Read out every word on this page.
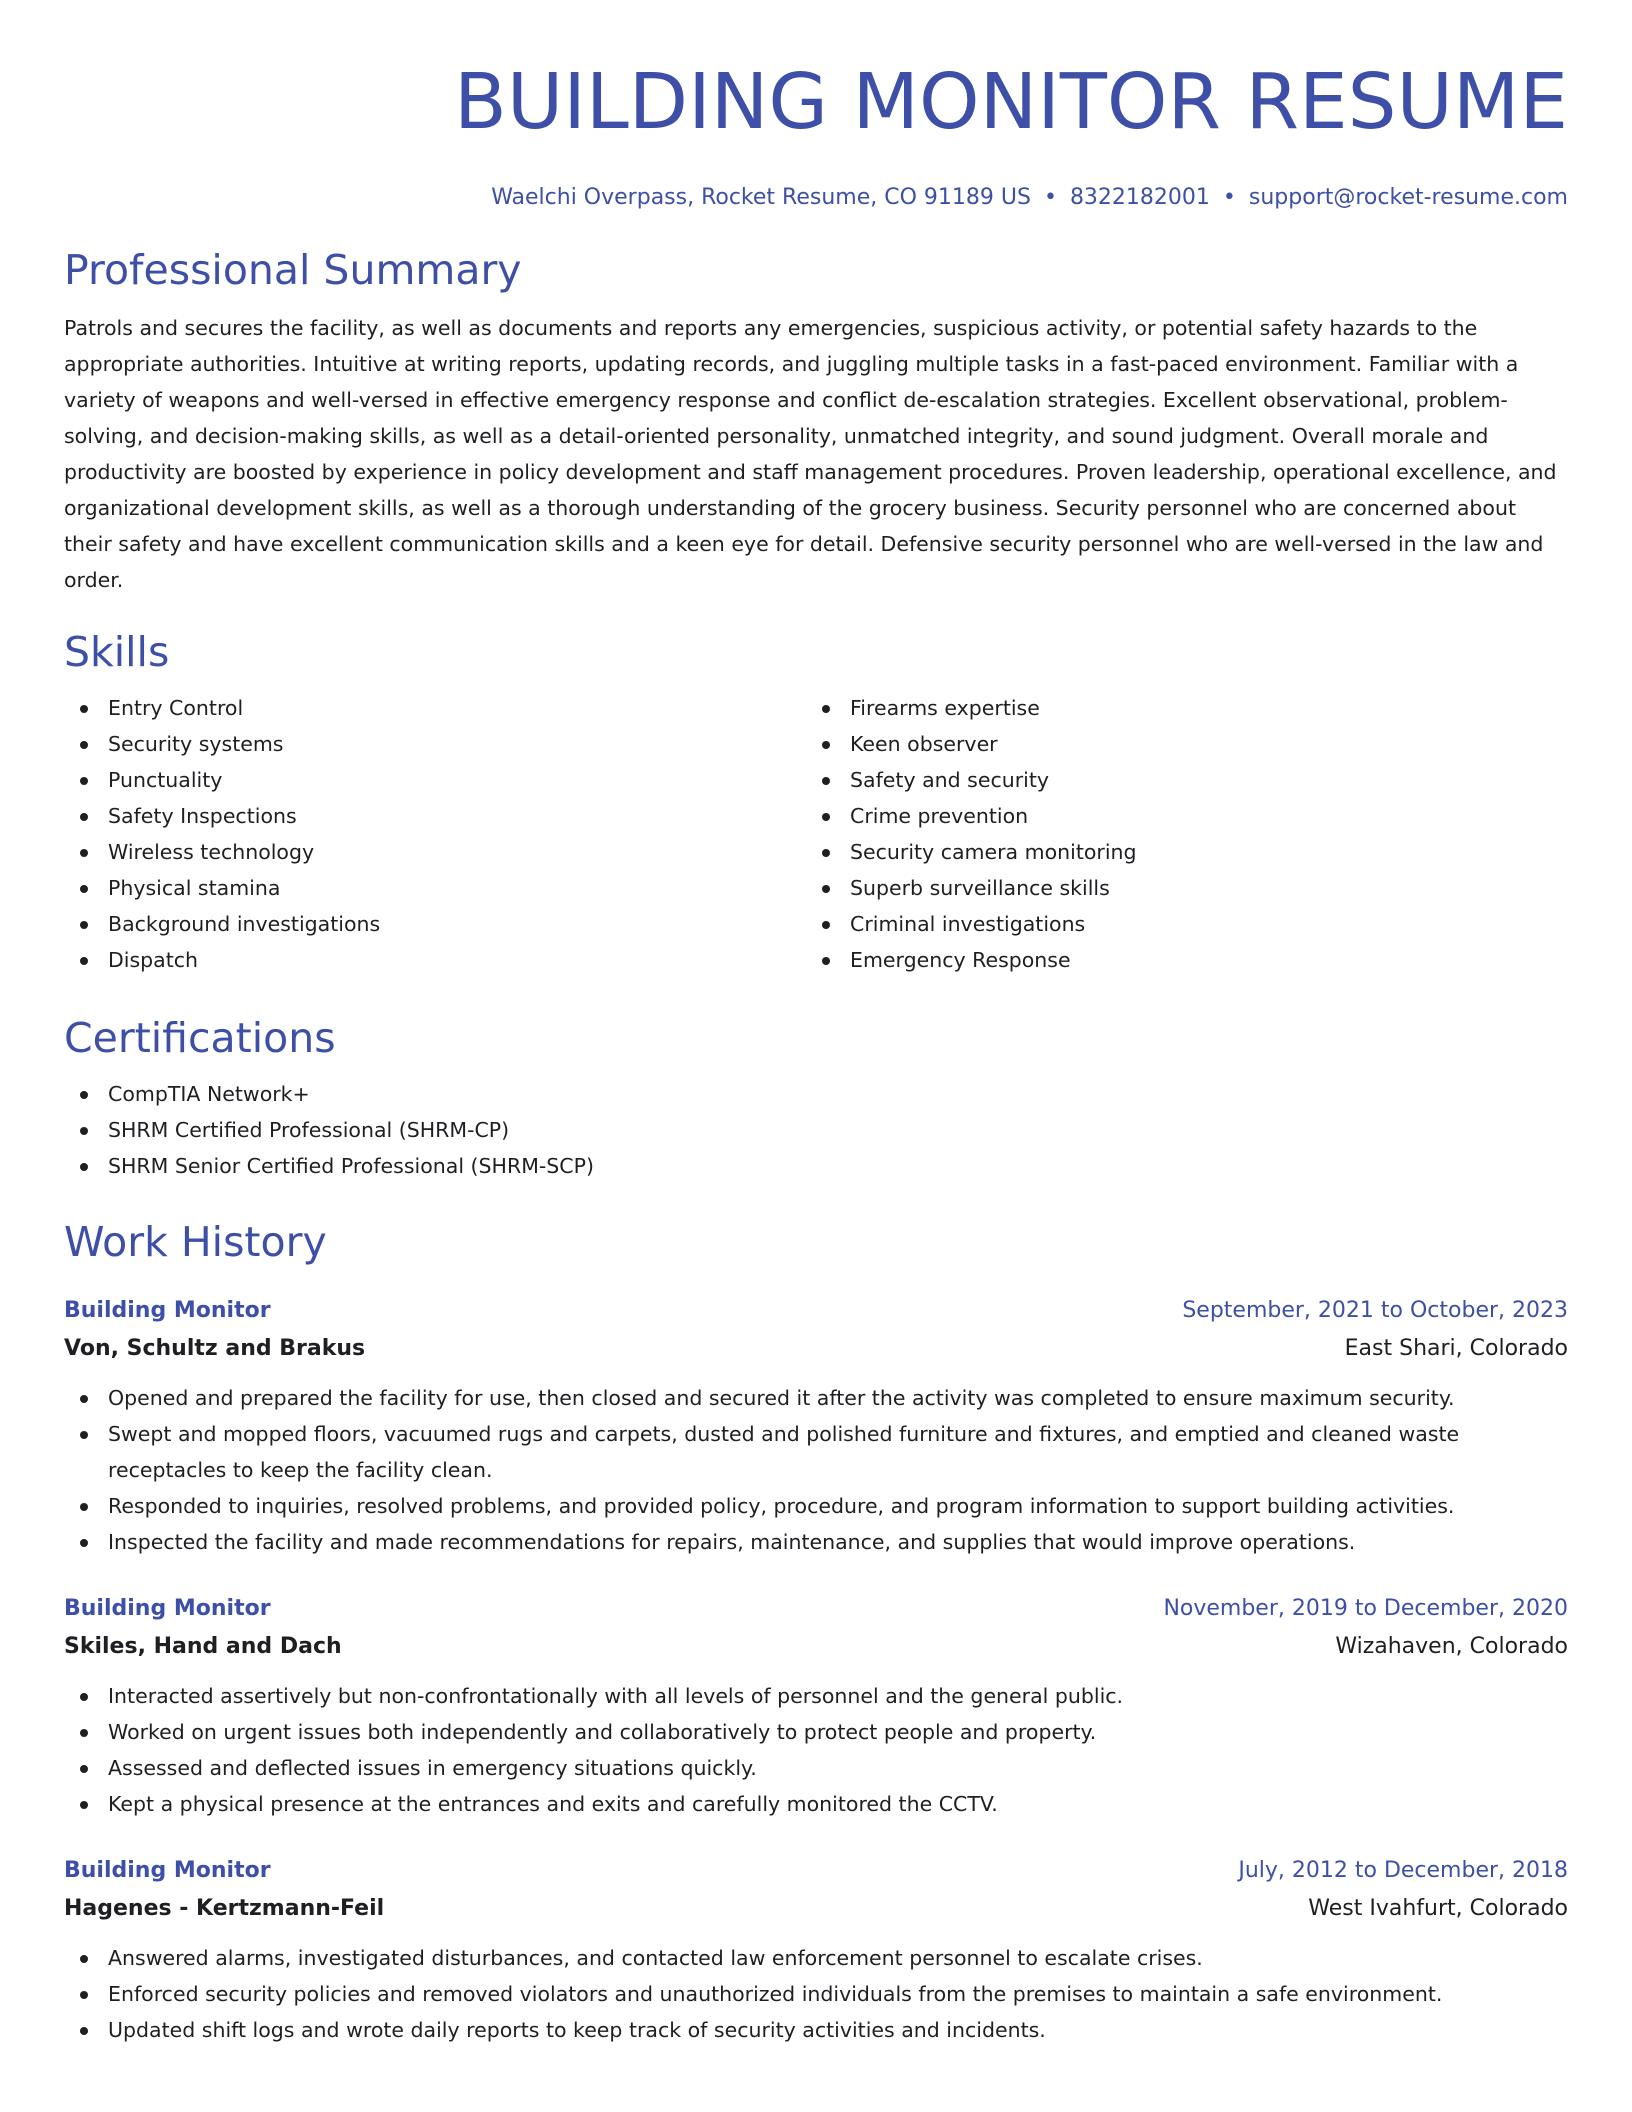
BUILDING MONITOR RESUME
Waelchi Overpass, Rocket Resume, CO 91189 US • 8322182001 • support@rocket-resume.com
Professional Summary

Patrols and secures the facility, as well as documents and reports any emergencies, suspicious activity, or potential safety hazards to the appropriate authorities. Intuitive at writing reports, updating records, and juggling multiple tasks in a fast-paced environment. Familiar with a variety of weapons and well-versed in effective emergency response and conflict de-escalation strategies. Excellent observational, problem-solving, and decision-making skills, as well as a detail-oriented personality, unmatched integrity, and sound judgment. Overall morale and productivity are boosted by experience in policy development and staff management procedures. Proven leadership, operational excellence, and organizational development skills, as well as a thorough understanding of the grocery business. Security personnel who are concerned about their safety and have excellent communication skills and a keen eye for detail. Defensive security personnel who are well-versed in the law and order.

Skills
Entry Control
Security systems
Punctuality
Safety Inspections
Wireless technology
Physical stamina
Background investigations
Dispatch
Firearms expertise
Keen observer
Safety and security
Crime prevention
Security camera monitoring
Superb surveillance skills
Criminal investigations
Emergency Response
Certifications
CompTIA Network+
SHRM Certified Professional (SHRM-CP)
SHRM Senior Certified Professional (SHRM-SCP)
Work History
Building Monitor	September, 2021 to October, 2023
Von, Schultz and Brakus	East Shari, Colorado
Opened and prepared the facility for use, then closed and secured it after the activity was completed to ensure maximum security.
Swept and mopped floors, vacuumed rugs and carpets, dusted and polished furniture and fixtures, and emptied and cleaned waste receptacles to keep the facility clean.
Responded to inquiries, resolved problems, and provided policy, procedure, and program information to support building activities.
Inspected the facility and made recommendations for repairs, maintenance, and supplies that would improve operations.
Building Monitor	November, 2019 to December, 2020
Skiles, Hand and Dach	Wizahaven, Colorado
Interacted assertively but non-confrontationally with all levels of personnel and the general public.
Worked on urgent issues both independently and collaboratively to protect people and property.
Assessed and deflected issues in emergency situations quickly.
Kept a physical presence at the entrances and exits and carefully monitored the CCTV.
Building Monitor	July, 2012 to December, 2018
Hagenes - Kertzmann-Feil	West Ivahfurt, Colorado
Answered alarms, investigated disturbances, and contacted law enforcement personnel to escalate crises.
Enforced security policies and removed violators and unauthorized individuals from the premises to maintain a safe environment.
Updated shift logs and wrote daily reports to keep track of security activities and incidents.
